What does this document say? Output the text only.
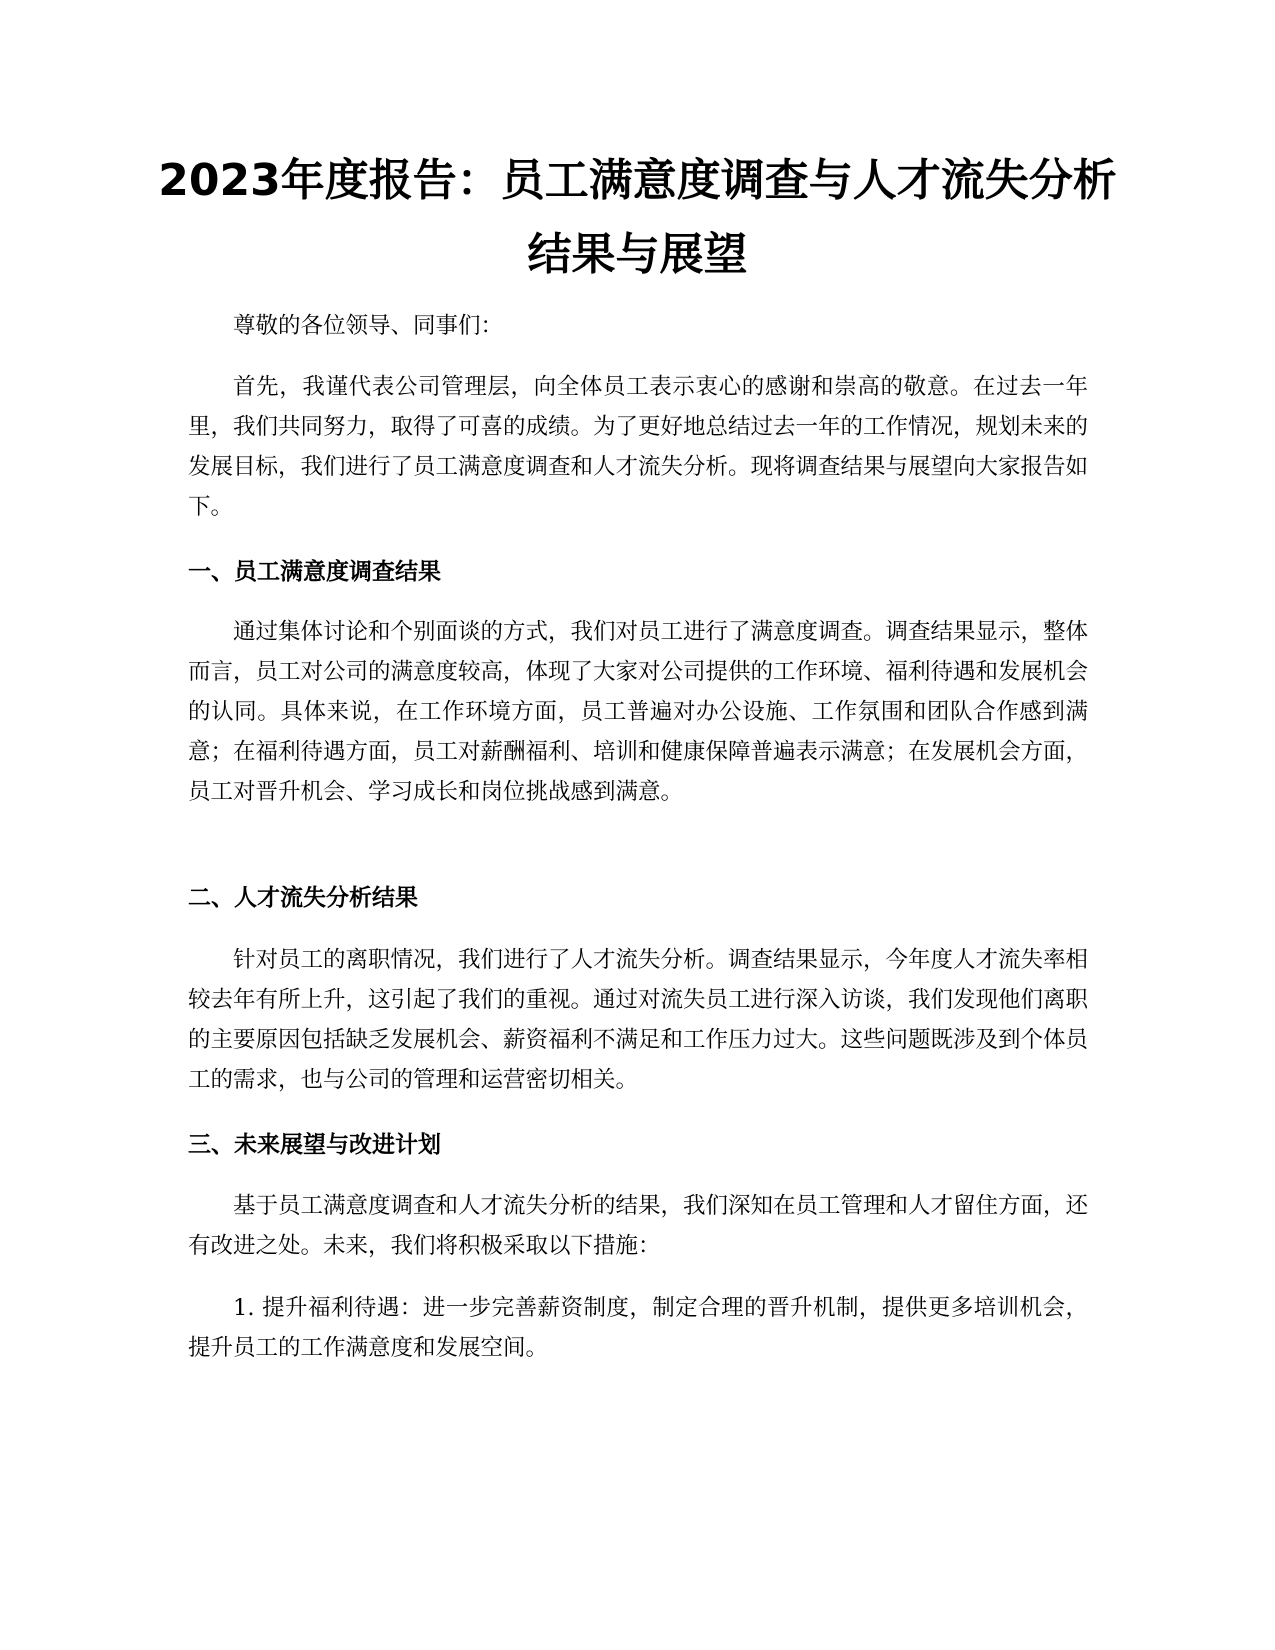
2023年度报告：员工满意度调查与人才流失分析结果与展望

尊敬的各位领导、同事们：

首先，我谨代表公司管理层，向全体员工表示衷心的感谢和崇高的敬意。在过去一年里，我们共同努力，取得了可喜的成绩。为了更好地总结过去一年的工作情况，规划未来的发展目标，我们进行了员工满意度调查和人才流失分析。现将调查结果与展望向大家报告如下。

一、员工满意度调查结果

通过集体讨论和个别面谈的方式，我们对员工进行了满意度调查。调查结果显示，整体而言，员工对公司的满意度较高，体现了大家对公司提供的工作环境、福利待遇和发展机会的认同。具体来说，在工作环境方面，员工普遍对办公设施、工作氛围和团队合作感到满意；在福利待遇方面，员工对薪酬福利、培训和健康保障普遍表示满意；在发展机会方面，员工对晋升机会、学习成长和岗位挑战感到满意。

二、人才流失分析结果

针对员工的离职情况，我们进行了人才流失分析。调查结果显示，今年度人才流失率相较去年有所上升，这引起了我们的重视。通过对流失员工进行深入访谈，我们发现他们离职的主要原因包括缺乏发展机会、薪资福利不满足和工作压力过大。这些问题既涉及到个体员工的需求，也与公司的管理和运营密切相关。

三、未来展望与改进计划

基于员工满意度调查和人才流失分析的结果，我们深知在员工管理和人才留住方面，还有改进之处。未来，我们将积极采取以下措施：

1. 提升福利待遇：进一步完善薪资制度，制定合理的晋升机制，提供更多培训机会，提升员工的工作满意度和发展空间。
